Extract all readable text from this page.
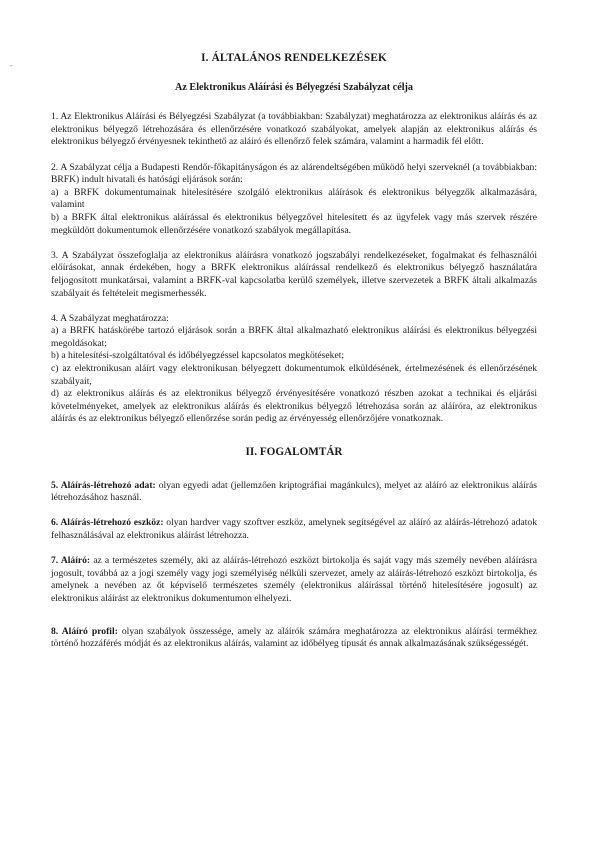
-
I. ÁLTALÁNOS RENDELKEZÉSEK
Az Elektronikus Aláírási és Bélyegzési Szabályzat célja

1. Az Elektronikus Aláírási és Bélyegzési Szabályzat (a továbbiakban: Szabályzat) meghatározza az elektronikus aláírás és az elektronikus bélyegző létrehozására és ellenőrzésére vonatkozó szabályokat, amelyek alapján az elektronikus aláírás és elektronikus bélyegző érvényesnek tekinthető az aláíró és ellenőrző felek számára, valamint a harmadik fél előtt.

2. A Szabályzat célja a Budapesti Rendőr-főkapitányságon és az alárendeltségében működő helyi szerveknél (a továbbiakban: BRFK) indult hivatali és hatósági eljárások során:

a) a BRFK dokumentumainak hitelesítésére szolgáló elektronikus aláírások és elektronikus bélyegzők alkalmazására, valamint

b) a BRFK által elektronikus aláírással és elektronikus bélyegzővel hitelesített és az ügyfelek vagy más szervek részére megküldött dokumentumok ellenőrzésére vonatkozó szabályok megállapítása.

3. A Szabályzat összefoglalja az elektronikus aláírásra vonatkozó jogszabályi rendelkezéseket, fogalmakat és felhasználói előírásokat, annak érdekében, hogy a BRFK elektronikus aláírással rendelkező és elektronikus bélyegző használatára feljogosított munkatársai, valamint a BRFK-val kapcsolatba kerülő személyek, illetve szervezetek a BRFK általi alkalmazás szabályait és feltételeit megismerhessék.

4. A Szabályzat meghatározza:

a) a BRFK hatáskörébe tartozó eljárások során a BRFK által alkalmazható elektronikus aláírási és elektronikus bélyegzési megoldásokat;

b) a hitelesítési-szolgáltatóval és időbélyegzéssel kapcsolatos megkötéseket;

c) az elektronikusan aláírt vagy elektronikusan bélyegzett dokumentumok elküldésének, értelmezésének és ellenőrzésének szabályait,

d) az elektronikus aláírás és az elektronikus bélyegző érvényesítésére vonatkozó részben azokat a technikai és eljárási követelményeket, amelyek az elektronikus aláírás és elektronikus bélyegző létrehozása során az aláíróra, az elektronikus aláírás és az elektronikus bélyegző ellenőrzése során pedig az érvényesség ellenőrzőjére vonatkoznak.

II. FOGALOMTÁR

5. Aláírás-létrehozó adat: olyan egyedi adat (jellemzően kriptográfiai magánkulcs), melyet az aláíró az elektronikus aláírás létrehozásához használ.

6. Aláírás-létrehozó eszköz: olyan hardver vagy szoftver eszköz, amelynek segítségével az aláíró az aláírás-létrehozó adatok felhasználásával az elektronikus aláírást létrehozza.

7. Aláíró: az a természetes személy, aki az aláírás-létrehozó eszközt birtokolja és saját vagy más személy nevében aláírásra jogosult, továbbá az a jogi személy vagy jogi személyiség nélküli szervezet, amely az aláírás-létrehozó eszközt birtokolja, és amelynek a nevében az őt képviselő természetes személy (elektronikus aláírással történő hitelesítésére jogosult) az elektronikus aláírást az elektronikus dokumentumon elhelyezi.

8. Aláíró profil: olyan szabályok összessége, amely az aláírók számára meghatározza az elektronikus aláírási termékhez történő hozzáférés módját és az elektronikus aláírás, valamint az időbélyeg típusát és annak alkalmazásának szükségességét.
